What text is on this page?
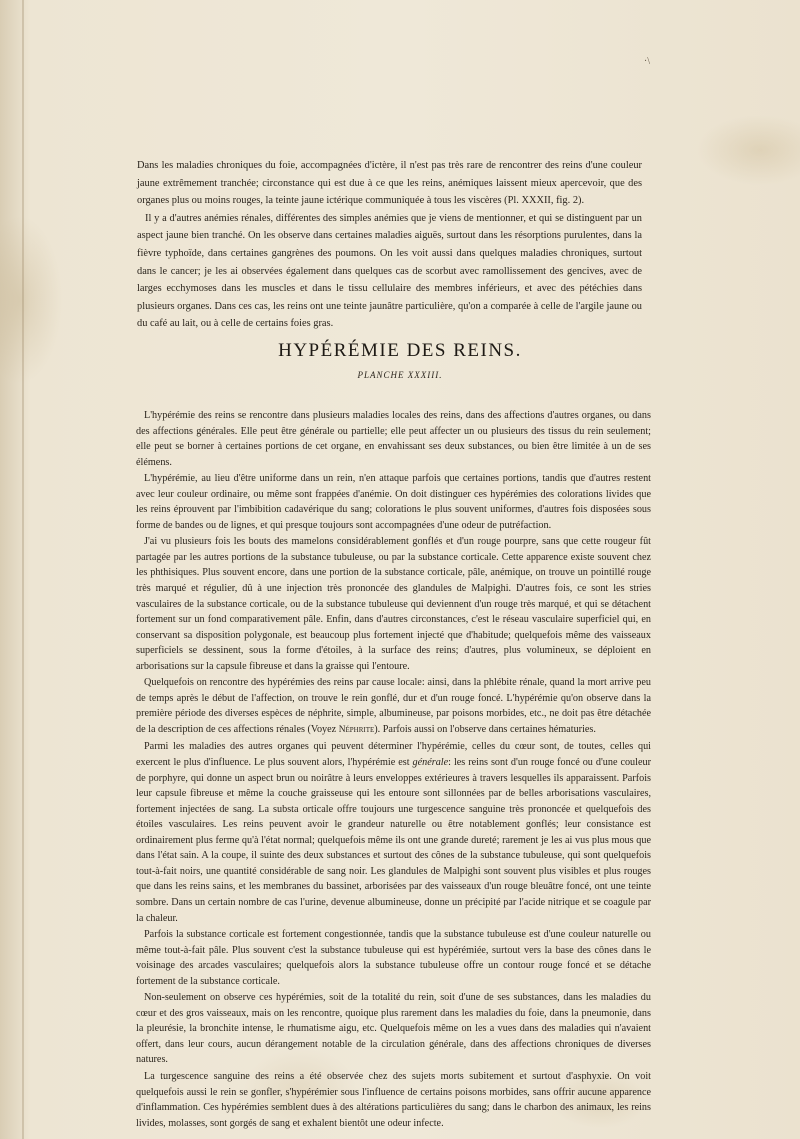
·\

Dans les maladies chroniques du foie, accompagnées d'ictère, il n'est pas très rare de rencontrer des reins d'une couleur jaune extrêmement tranchée; circonstance qui est due à ce que les reins, anémiques laissent mieux apercevoir, que des organes plus ou moins rouges, la teinte jaune ictérique communiquée à tous les viscères (Pl. XXXII, fig. 2).

Il y a d'autres anémies rénales, différentes des simples anémies que je viens de mentionner, et qui se distinguent par un aspect jaune bien tranché. On les observe dans certaines maladies aiguës, surtout dans les résorptions purulentes, dans la fièvre typhoïde, dans certaines gangrènes des poumons. On les voit aussi dans quelques maladies chroniques, surtout dans le cancer; je les ai observées également dans quelques cas de scorbut avec ramollissement des gencives, avec de larges ecchymoses dans les muscles et dans le tissu cellulaire des membres inférieurs, et avec des pétéchies dans plusieurs organes. Dans ces cas, les reins ont une teinte jaunâtre particulière, qu'on a comparée à celle de l'argile jaune ou du café au lait, ou à celle de certains foies gras.

HYPÉRÉMIE DES REINS.
PLANCHE XXXIII.

L'hypérémie des reins se rencontre dans plusieurs maladies locales des reins, dans des affections d'autres organes, ou dans des affections générales. Elle peut être générale ou partielle; elle peut affecter un ou plusieurs des tissus du rein seulement; elle peut se borner à certaines portions de cet organe, en envahissant ses deux substances, ou bien être limitée à un de ses élémens.

L'hypérémie, au lieu d'être uniforme dans un rein, n'en attaque parfois que certaines portions, tandis que d'autres restent avec leur couleur ordinaire, ou même sont frappées d'anémie. On doit distinguer ces hypérémies des colorations livides que les reins éprouvent par l'imbibition cadavérique du sang; colorations le plus souvent uniformes, d'autres fois disposées sous forme de bandes ou de lignes, et qui presque toujours sont accompagnées d'une odeur de putréfaction.

J'ai vu plusieurs fois les bouts des mamelons considérablement gonflés et d'un rouge pourpre, sans que cette rougeur fût partagée par les autres portions de la substance tubuleuse, ou par la substance corticale. Cette apparence existe souvent chez les phthisiques. Plus souvent encore, dans une portion de la substance corticale, pâle, anémique, on trouve un pointillé rouge très marqué et régulier, dû à une injection très prononcée des glandules de Malpighi. D'autres fois, ce sont les stries vasculaires de la substance corticale, ou de la substance tubuleuse qui deviennent d'un rouge très marqué, et qui se détachent fortement sur un fond comparativement pâle. Enfin, dans d'autres circonstances, c'est le réseau vasculaire superficiel qui, en conservant sa disposition polygonale, est beaucoup plus fortement injecté que d'habitude; quelquefois même des vaisseaux superficiels se dessinent, sous la forme d'étoiles, à la surface des reins; d'autres, plus volumineux, se déploient en arborisations sur la capsule fibreuse et dans la graisse qui l'entoure.

Quelquefois on rencontre des hypérémies des reins par cause locale: ainsi, dans la phlébite rénale, quand la mort arrive peu de temps après le début de l'affection, on trouve le rein gonflé, dur et d'un rouge foncé. L'hypérémie qu'on observe dans la première période des diverses espèces de néphrite, simple, albumineuse, par poisons morbides, etc., ne doit pas être détachée de la description de ces affections rénales (Voyez Néphrite). Parfois aussi on l'observe dans certaines hématuries.

Parmi les maladies des autres organes qui peuvent déterminer l'hypérémie, celles du cœur sont, de toutes, celles qui exercent le plus d'influence. Le plus souvent alors, l'hypérémie est générale: les reins sont d'un rouge foncé ou d'une couleur de porphyre, qui donne un aspect brun ou noirâtre à leurs enveloppes extérieures à travers lesquelles ils apparaissent. Parfois leur capsule fibreuse et même la couche graisseuse qui les entoure sont sillonnées par de belles arborisations vasculaires, fortement injectées de sang. La substa orticale offre toujours une turgescence sanguine très prononcée et quelquefois des étoiles vasculaires. Les reins peuvent avoir le grandeur naturelle ou être notablement gonflés; leur consistance est ordinairement plus ferme qu'à l'état normal; quelquefois même ils ont une grande dureté; rarement je les ai vus plus mous que dans l'état sain. A la coupe, il suinte des deux substances et surtout des cônes de la substance tubuleuse, qui sont quelquefois tout-à-fait noirs, une quantité considérable de sang noir. Les glandules de Malpighi sont souvent plus visibles et plus rouges que dans les reins sains, et les membranes du bassinet, arborisées par des vaisseaux d'un rouge bleuâtre foncé, ont une teinte sombre. Dans un certain nombre de cas l'urine, devenue albumineuse, donne un précipité par l'acide nitrique et se coagule par la chaleur.

Parfois la substance corticale est fortement congestionnée, tandis que la substance tubuleuse est d'une couleur naturelle ou même tout-à-fait pâle. Plus souvent c'est la substance tubuleuse qui est hypérémiée, surtout vers la base des cônes dans le voisinage des arcades vasculaires; quelquefois alors la substance tubuleuse offre un contour rouge foncé et se détache fortement de la substance corticale.

Non-seulement on observe ces hypérémies, soit de la totalité du rein, soit d'une de ses substances, dans les maladies du cœur et des gros vaisseaux, mais on les rencontre, quoique plus rarement dans les maladies du foie, dans la pneumonie, dans la pleurésie, la bronchite intense, le rhumatisme aigu, etc. Quelquefois même on les a vues dans des maladies qui n'avaient offert, dans leur cours, aucun dérangement notable de la circulation générale, dans des affections chroniques de diverses natures.

La turgescence sanguine des reins a été observée chez des sujets morts subitement et surtout d'asphyxie. On voit quelquefois aussi le rein se gonfler, s'hypérémier sous l'influence de certains poisons morbides, sans offrir aucune apparence d'inflammation. Ces hypérémies semblent dues à des altérations particulières du sang; dans le charbon des animaux, les reins livides, molasses, sont gorgés de sang et exhalent bientôt une odeur infecte.
